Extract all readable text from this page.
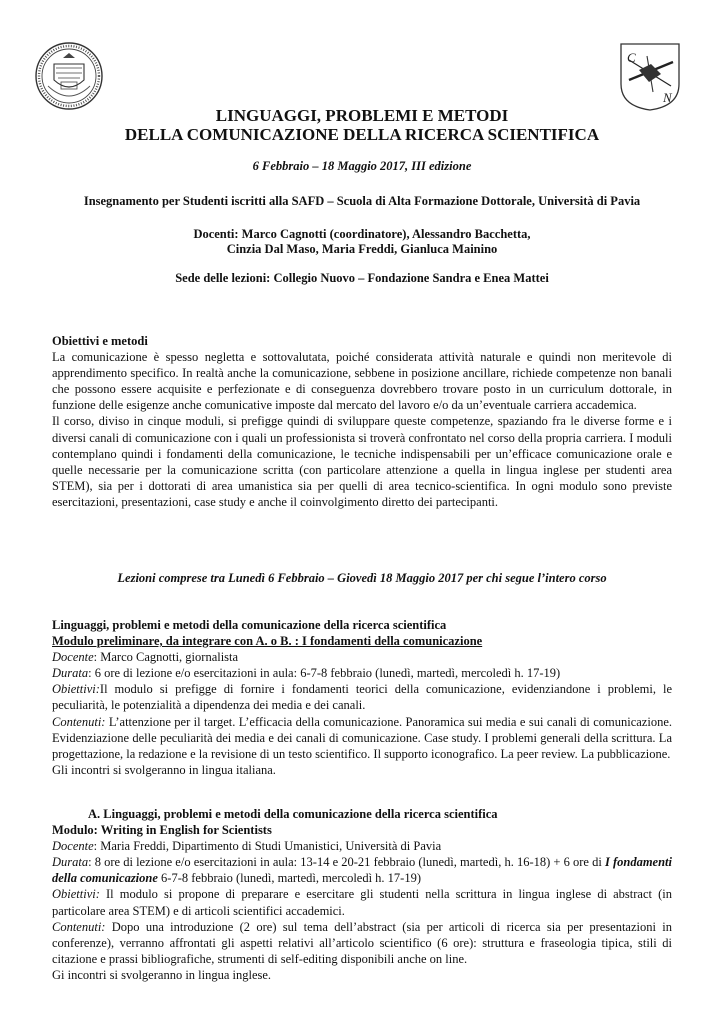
C
N
LINGUAGGI, PROBLEMI E METODI
DELLA COMUNICAZIONE DELLA RICERCA SCIENTIFICA
6 Febbraio – 18 Maggio 2017, III edizione
Insegnamento per Studenti iscritti alla SAFD – Scuola di Alta Formazione Dottorale, Università di Pavia
Docenti: Marco Cagnotti (coordinatore), Alessandro Bacchetta,
Cinzia Dal Maso, Maria Freddi, Gianluca Mainino
Sede delle lezioni: Collegio Nuovo – Fondazione Sandra e Enea Mattei

Obiettivi e metodi

La comunicazione è spesso negletta e sottovalutata, poiché considerata attività naturale e quindi non meritevole di apprendimento specifico. In realtà anche la comunicazione, sebbene in posizione ancillare, richiede competenze non banali che possono essere acquisite e perfezionate e di conseguenza dovrebbero trovare posto in un curriculum dottorale, in funzione delle esigenze anche comunicative imposte dal mercato del lavoro e/o da un’eventuale carriera accademica.

Il corso, diviso in cinque moduli, si prefigge quindi di sviluppare queste competenze, spaziando fra le diverse forme e i diversi canali di comunicazione con i quali un professionista si troverà confrontato nel corso della propria carriera. I moduli contemplano quindi i fondamenti della comunicazione, le tecniche indispensabili per un’efficace comunicazione orale e quelle necessarie per la comunicazione scritta (con particolare attenzione a quella in lingua inglese per studenti area STEM), sia per i dottorati di area umanistica sia per quelli di area tecnico-scientifica. In ogni modulo sono previste esercitazioni, presentazioni, case study e anche il coinvolgimento diretto dei partecipanti.

Lezioni comprese tra Lunedì 6 Febbraio – Giovedì 18 Maggio 2017 per chi segue l’intero corso

Linguaggi, problemi e metodi della comunicazione della ricerca scientifica

Modulo preliminare, da integrare con A. o B. : I fondamenti della comunicazione

Docente: Marco Cagnotti, giornalista

Durata: 6 ore di lezione e/o esercitazioni in aula: 6-7-8 febbraio (lunedì, martedì, mercoledì h. 17-19)

Obiettivi:Il modulo si prefigge di fornire i fondamenti teorici della comunicazione, evidenziandone i problemi, le peculiarità, le potenzialità a dipendenza dei media e dei canali.

Contenuti: L’attenzione per il target. L’efficacia della comunicazione. Panoramica sui media e sui canali di comunicazione. Evidenziazione delle peculiarità dei media e dei canali di comunicazione. Case study. I problemi generali della scrittura. La progettazione, la redazione e la revisione di un testo scientifico. Il supporto iconografico. La peer review. La pubblicazione.

Gli incontri si svolgeranno in lingua italiana.

A. Linguaggi, problemi e metodi della comunicazione della ricerca scientifica

Modulo: Writing in English for Scientists

Docente: Maria Freddi, Dipartimento di Studi Umanistici, Università di Pavia

Durata: 8 ore di lezione e/o esercitazioni in aula: 13-14 e 20-21 febbraio (lunedì, martedì, h. 16-18) + 6 ore di I fondamenti della comunicazione 6-7-8 febbraio (lunedì, martedì, mercoledì h. 17-19)

Obiettivi: Il modulo si propone di preparare e esercitare gli studenti nella scrittura in lingua inglese di abstract (in particolare area STEM) e di articoli scientifici accademici.

Contenuti: Dopo una introduzione (2 ore) sul tema dell’abstract (sia per articoli di ricerca sia per presentazioni in conferenze), verranno affrontati gli aspetti relativi all’articolo scientifico (6 ore): struttura e fraseologia tipica, stili di citazione e prassi bibliografiche, strumenti di self-editing disponibili anche on line.

Gi incontri si svolgeranno in lingua inglese.
